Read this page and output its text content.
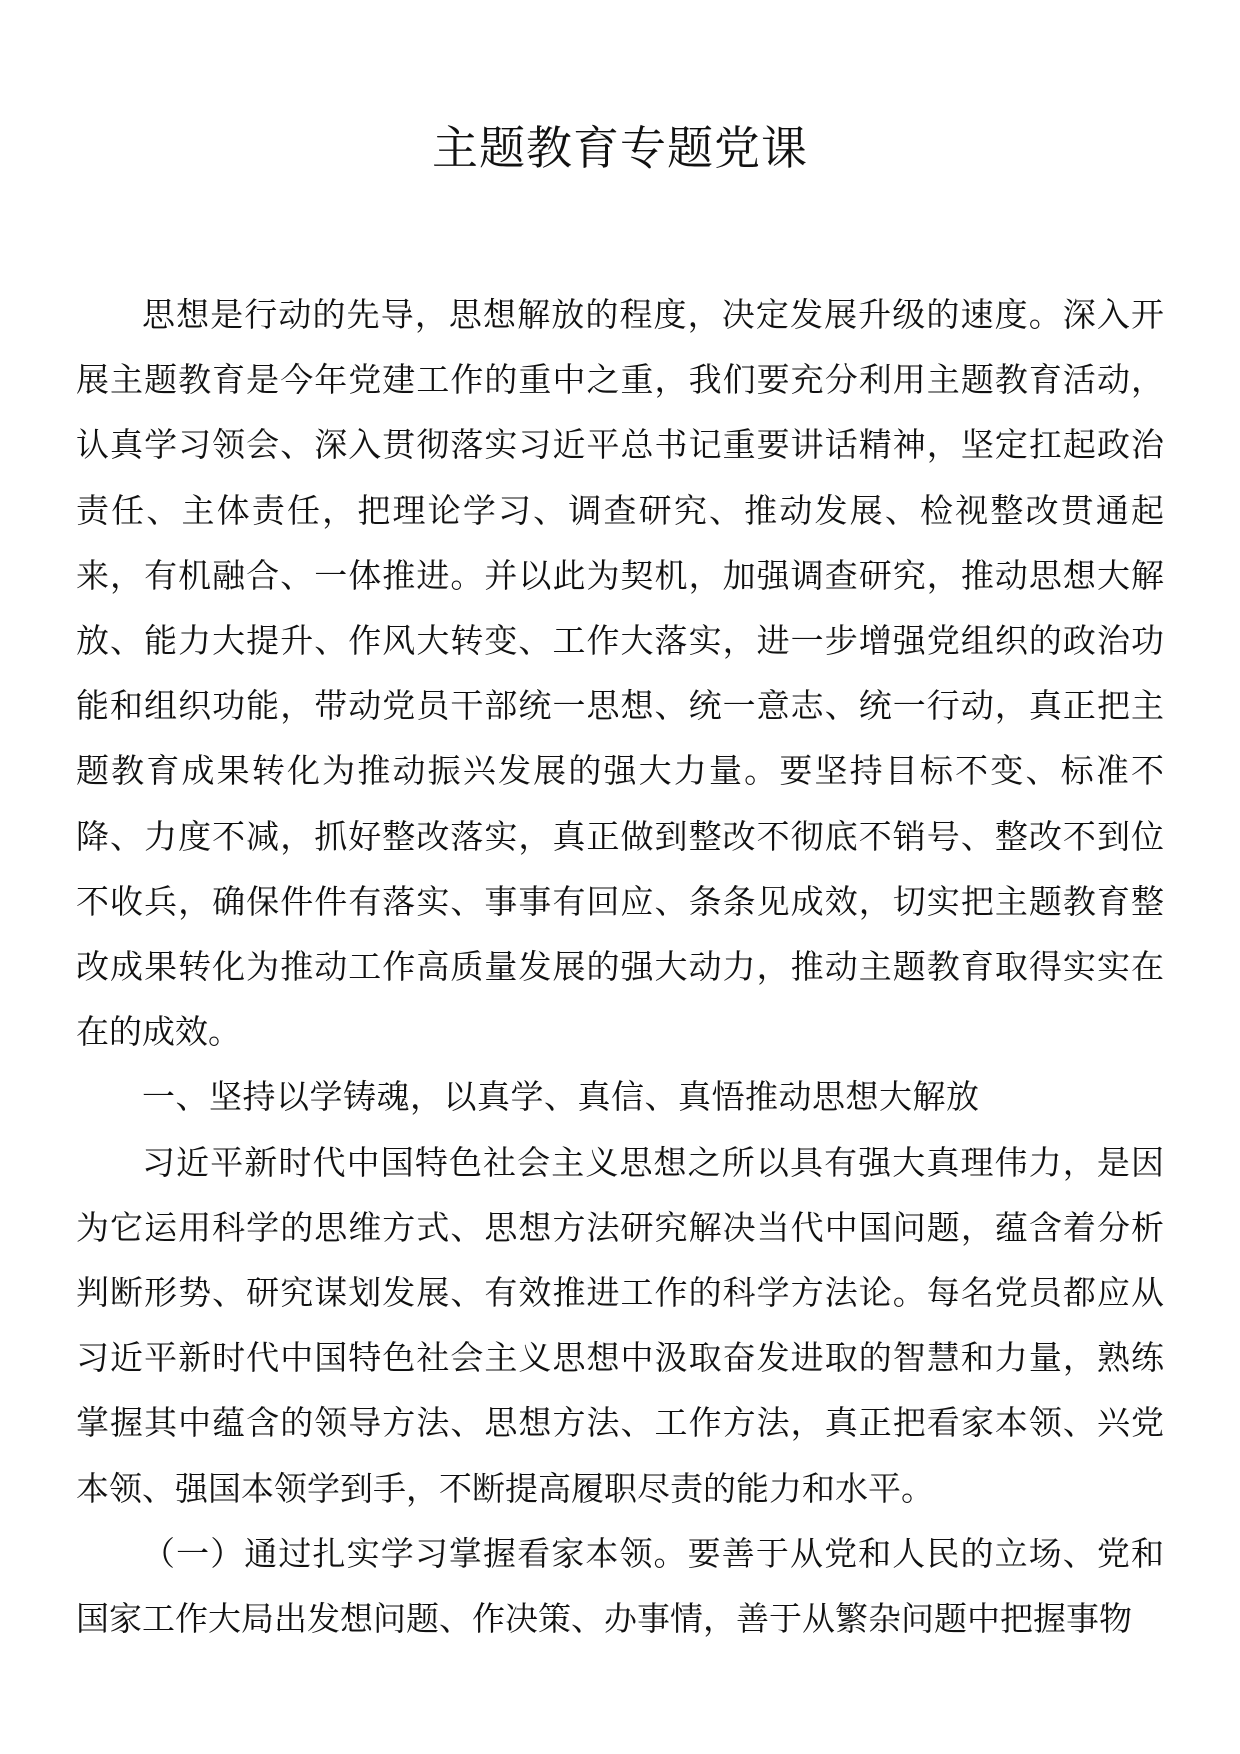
主题教育专题党课

思想是行动的先导，思想解放的程度，决定发展升级的速度。深入开展主题教育是今年党建工作的重中之重，我们要充分利用主题教育活动，认真学习领会、深入贯彻落实习近平总书记重要讲话精神，坚定扛起政治责任、主体责任，把理论学习、调查研究、推动发展、检视整改贯通起来，有机融合、一体推进。并以此为契机，加强调查研究，推动思想大解放、能力大提升、作风大转变、工作大落实，进一步增强党组织的政治功能和组织功能，带动党员干部统一思想、统一意志、统一行动，真正把主题教育成果转化为推动振兴发展的强大力量。要坚持目标不变、标准不降、力度不减，抓好整改落实，真正做到整改不彻底不销号、整改不到位不收兵，确保件件有落实、事事有回应、条条见成效，切实把主题教育整改成果转化为推动工作高质量发展的强大动力，推动主题教育取得实实在在的成效。

一、坚持以学铸魂，以真学、真信、真悟推动思想大解放

习近平新时代中国特色社会主义思想之所以具有强大真理伟力，是因为它运用科学的思维方式、思想方法研究解决当代中国问题，蕴含着分析判断形势、研究谋划发展、有效推进工作的科学方法论。每名党员都应从习近平新时代中国特色社会主义思想中汲取奋发进取的智慧和力量，熟练掌握其中蕴含的领导方法、思想方法、工作方法，真正把看家本领、兴党本领、强国本领学到手，不断提高履职尽责的能力和水平。

（一）通过扎实学习掌握看家本领。要善于从党和人民的立场、党和国家工作大局出发想问题、作决策、办事情，善于从繁杂问题中把握事物
